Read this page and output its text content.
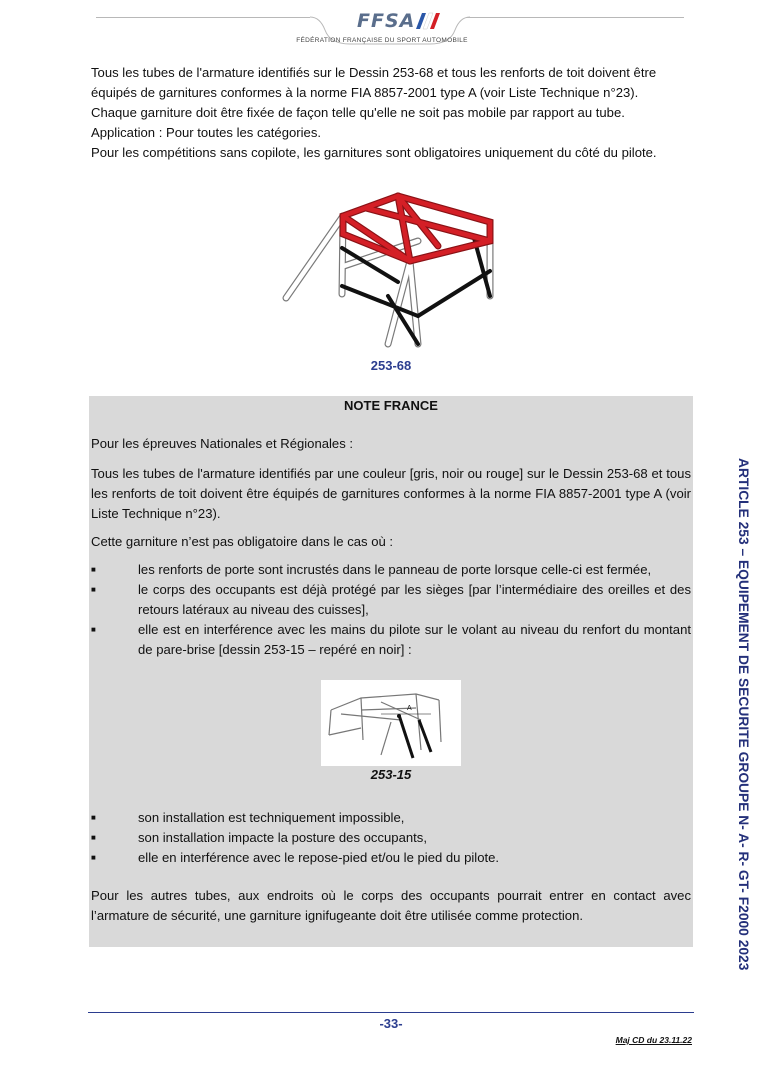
FFSA
FÉDÉRATION FRANÇAISE DU SPORT AUTOMOBILE

Tous les tubes de l'armature identifiés sur le Dessin 253-68 et tous les renforts de toit doivent être équipés de garnitures conformes à la norme FIA 8857-2001 type A (voir Liste Technique n°23).

Chaque garniture doit être fixée de façon telle qu'elle ne soit pas mobile par rapport au tube.

Application : Pour toutes les catégories.

Pour les compétitions sans copilote, les garnitures sont obligatoires uniquement du côté du pilote.

253-68
NOTE FRANCE
Pour les épreuves Nationales et Régionales :
Tous les tubes de l'armature identifiés par une couleur [gris, noir ou rouge] sur le Dessin 253-68 et tous les renforts de toit doivent être équipés de garnitures conformes à la norme FIA 8857-2001 type A (voir Liste Technique n°23).
Cette garniture n’est pas obligatoire dans le cas où :
■	les renforts de porte sont incrustés dans le panneau de porte lorsque celle-ci est fermée,
■	le corps des occupants est déjà protégé par les sièges [par l’intermédiaire des oreilles et des retours latéraux au niveau des cuisses],
■	elle est en interférence avec les mains du pilote sur le volant au niveau du renfort du montant de pare-brise [dessin 253-15 – repéré en noir] :
A
253-15
■	son installation est techniquement impossible,
■	son installation impacte la posture des occupants,
■	elle en interférence avec le repose-pied et/ou le pied du pilote.
Pour les autres tubes, aux endroits où le corps des occupants pourrait entrer en contact avec l’armature de sécurité, une garniture ignifugeante doit être utilisée comme protection.	ARTICLE 253 – EQUIPEMENT DE SECURITE GROUPE N- A- R- GT- F2000 2023
-33-
Maj CD du 23.11.22
